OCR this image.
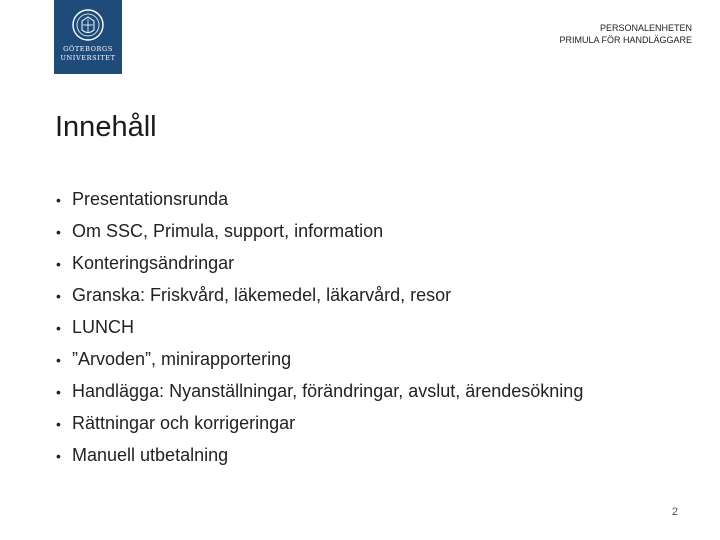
GÖTEBORGS
UNIVERSITET
PERSONALENHETEN
PRIMULA FÖR HANDLÄGGARE
Innehåll
• Presentationsrunda
• Om SSC, Primula, support, information
• Konteringsändringar
• Granska: Friskvård, läkemedel, läkarvård, resor
• LUNCH
• ”Arvoden”, minirapportering
• Handlägga: Nyanställningar, förändringar, avslut, ärendesökning
• Rättningar och korrigeringar
• Manuell utbetalning
2
